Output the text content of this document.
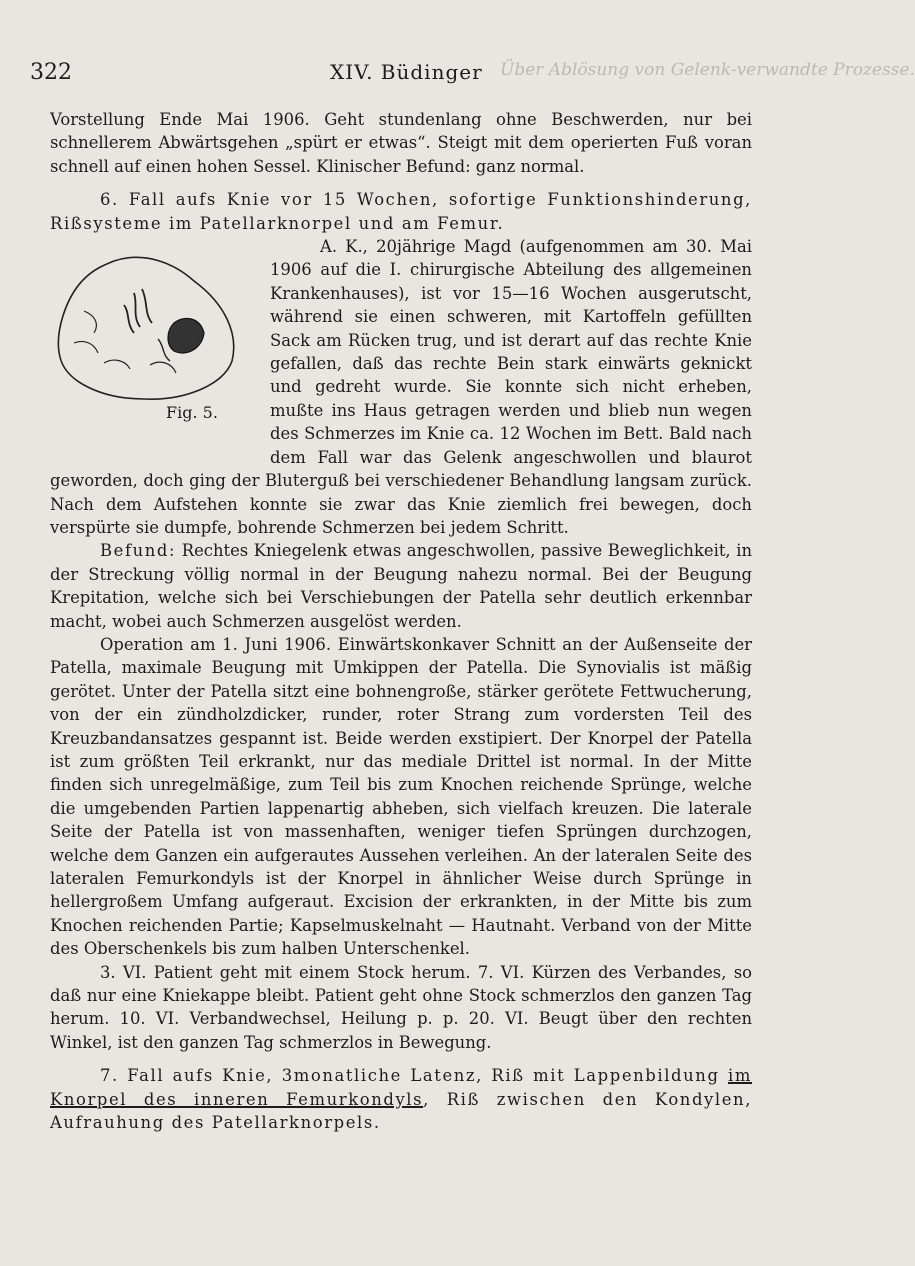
322	XIV. Büdinger Über Ablösung von Gelenk-verwandte Prozesse.

Vorstellung Ende Mai 1906. Geht stundenlang ohne Beschwerden, nur bei schnellerem Abwärtsgehen „spürt er etwas“. Steigt mit dem operierten Fuß voran schnell auf einen hohen Sessel. Klinischer Befund: ganz normal.

6. Fall aufs Knie vor 15 Wochen, sofortige Funktionshinderung, Rißsysteme im Patellarknorpel und am Femur.

Fig. 5.
A. K., 20jährige Magd (aufgenommen am 30. Mai 1906 auf die I. chirurgische Abteilung des allgemeinen Krankenhauses), ist vor 15—16 Wochen ausgerutscht, während sie einen schweren, mit Kartoffeln gefüllten Sack am Rücken trug, und ist derart auf das rechte Knie gefallen, daß das rechte Bein stark einwärts geknickt und gedreht wurde. Sie konnte sich nicht erheben, mußte ins Haus getragen werden und blieb nun wegen des Schmerzes im Knie ca. 12 Wochen im Bett. Bald nach dem Fall war das Gelenk angeschwollen und blaurot geworden, doch ging der Bluterguß bei verschiedener Behandlung langsam zurück. Nach dem Aufstehen konnte sie zwar das Knie ziemlich frei bewegen, doch verspürte sie dumpfe, bohrende Schmerzen bei jedem Schritt.

Befund: Rechtes Kniegelenk etwas angeschwollen, passive Beweglichkeit, in der Streckung völlig normal in der Beugung nahezu normal. Bei der Beugung Krepitation, welche sich bei Verschiebungen der Patella sehr deutlich erkennbar macht, wobei auch Schmerzen ausgelöst werden.

Operation am 1. Juni 1906. Einwärtskonkaver Schnitt an der Außenseite der Patella, maximale Beugung mit Umkippen der Patella. Die Synovialis ist mäßig gerötet. Unter der Patella sitzt eine bohnengroße, stärker gerötete Fettwucherung, von der ein zündholzdicker, runder, roter Strang zum vordersten Teil des Kreuzbandansatzes gespannt ist. Beide werden exstipiert. Der Knorpel der Patella ist zum größten Teil erkrankt, nur das mediale Drittel ist normal. In der Mitte finden sich unregelmäßige, zum Teil bis zum Knochen reichende Sprünge, welche die umgebenden Partien lappenartig abheben, sich vielfach kreuzen. Die laterale Seite der Patella ist von massenhaften, weniger tiefen Sprüngen durchzogen, welche dem Ganzen ein aufgerautes Aussehen verleihen. An der lateralen Seite des lateralen Femurkondyls ist der Knorpel in ähnlicher Weise durch Sprünge in hellergroßem Umfang aufgeraut. Excision der erkrankten, in der Mitte bis zum Knochen reichenden Partie; Kapselmuskelnaht — Hautnaht. Verband von der Mitte des Oberschenkels bis zum halben Unterschenkel.

3. VI. Patient geht mit einem Stock herum. 7. VI. Kürzen des Verbandes, so daß nur eine Kniekappe bleibt. Patient geht ohne Stock schmerzlos den ganzen Tag herum. 10. VI. Verbandwechsel, Heilung p. p. 20. VI. Beugt über den rechten Winkel, ist den ganzen Tag schmerzlos in Bewegung.

7. Fall aufs Knie, 3monatliche Latenz, Riß mit Lappenbildung im Knorpel des inneren Femurkondyls, Riß zwischen den Kondylen, Aufrauhung des Patellarknorpels.
